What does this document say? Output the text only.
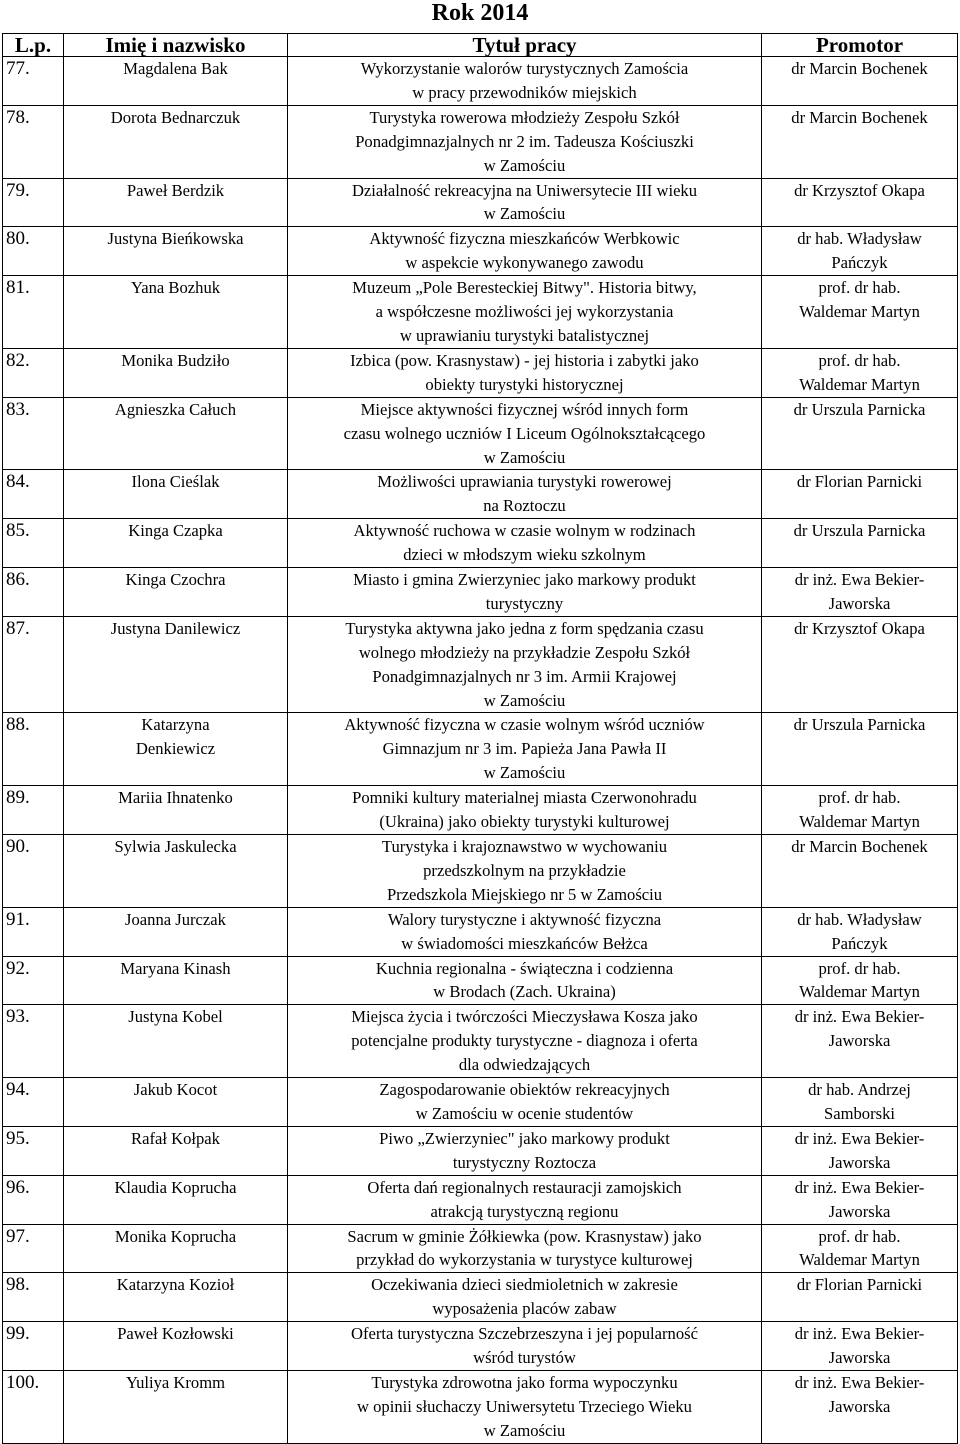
Rok 2014
L.p.	Imię i nazwisko	Tytuł pracy	Promotor
77.	Magdalena Bak	Wykorzystanie walorów turystycznych Zamościa
w pracy przewodników miejskich	dr Marcin Bochenek

78.	Dorota Bednarczuk	Turystyka rowerowa młodzieży Zespołu Szkół
Ponadgimnazjalnych nr 2 im. Tadeusza Kościuszki
w Zamościu	dr Marcin Bochenek

79.	Paweł Berdzik	Działalność rekreacyjna na Uniwersytecie III wieku
w Zamościu	dr Krzysztof Okapa

80.	Justyna Bieńkowska	Aktywność fizyczna mieszkańców Werbkowic
w aspekcie wykonywanego zawodu	dr hab. Władysław
Pańczyk

81.	Yana Bozhuk	Muzeum „Pole Beresteckiej Bitwy". Historia bitwy,
a współczesne możliwości jej wykorzystania
w uprawianiu turystyki batalistycznej	prof. dr hab.
Waldemar Martyn

82.	Monika Budziło	Izbica (pow. Krasnystaw) - jej historia i zabytki jako
obiekty turystyki historycznej	prof. dr hab.
Waldemar Martyn

83.	Agnieszka Całuch	Miejsce aktywności fizycznej wśród innych form
czasu wolnego uczniów I Liceum Ogólnokształcącego
w Zamościu	dr Urszula Parnicka

84.	Ilona Cieślak	Możliwości uprawiania turystyki rowerowej
na Roztoczu	dr Florian Parnicki

85.	Kinga Czapka	Aktywność ruchowa w czasie wolnym w rodzinach
dzieci w młodszym wieku szkolnym	dr Urszula Parnicka

86.	Kinga Czochra	Miasto i gmina Zwierzyniec jako markowy produkt
turystyczny	dr inż. Ewa Bekier-
Jaworska

87.	Justyna Danilewicz	Turystyka aktywna jako jedna z form spędzania czasu
wolnego młodzieży na przykładzie Zespołu Szkół
Ponadgimnazjalnych nr 3 im. Armii Krajowej
w Zamościu	dr Krzysztof Okapa

88.	Katarzyna
Denkiewicz	Aktywność fizyczna w czasie wolnym wśród uczniów
Gimnazjum nr 3 im. Papieża Jana Pawła II
w Zamościu	dr Urszula Parnicka

89.	Mariia Ihnatenko	Pomniki kultury materialnej miasta Czerwonohradu
(Ukraina) jako obiekty turystyki kulturowej	prof. dr hab.
Waldemar Martyn

90.	Sylwia Jaskulecka	Turystyka i krajoznawstwo w wychowaniu
przedszkolnym na przykładzie
Przedszkola Miejskiego nr 5 w Zamościu	dr Marcin Bochenek

91.	Joanna Jurczak	Walory turystyczne i aktywność fizyczna
w świadomości mieszkańców Bełżca	dr hab. Władysław
Pańczyk

92.	Maryana Kinash	Kuchnia regionalna - świąteczna i codzienna
w Brodach (Zach. Ukraina)	prof. dr hab.
Waldemar Martyn

93.	Justyna Kobel	Miejsca życia i twórczości Mieczysława Kosza jako
potencjalne produkty turystyczne - diagnoza i oferta
dla odwiedzających	dr inż. Ewa Bekier-
Jaworska

94.	Jakub Kocot	Zagospodarowanie obiektów rekreacyjnych
w Zamościu w ocenie studentów	dr hab. Andrzej
Samborski

95.	Rafał Kołpak	Piwo „Zwierzyniec" jako markowy produkt
turystyczny Roztocza	dr inż. Ewa Bekier-
Jaworska

96.	Klaudia Koprucha	Oferta dań regionalnych restauracji zamojskich
atrakcją turystyczną regionu	dr inż. Ewa Bekier-
Jaworska

97.	Monika Koprucha	Sacrum w gminie Żółkiewka (pow. Krasnystaw) jako
przykład do wykorzystania w turystyce kulturowej	prof. dr hab.
Waldemar Martyn

98.	Katarzyna Kozioł	Oczekiwania dzieci siedmioletnich w zakresie
wyposażenia placów zabaw	dr Florian Parnicki

99.	Paweł Kozłowski	Oferta turystyczna Szczebrzeszyna i jej popularność
wśród turystów	dr inż. Ewa Bekier-
Jaworska

100.	Yuliya Kromm	Turystyka zdrowotna jako forma wypoczynku
w opinii słuchaczy Uniwersytetu Trzeciego Wieku
w Zamościu	dr inż. Ewa Bekier-
Jaworska
